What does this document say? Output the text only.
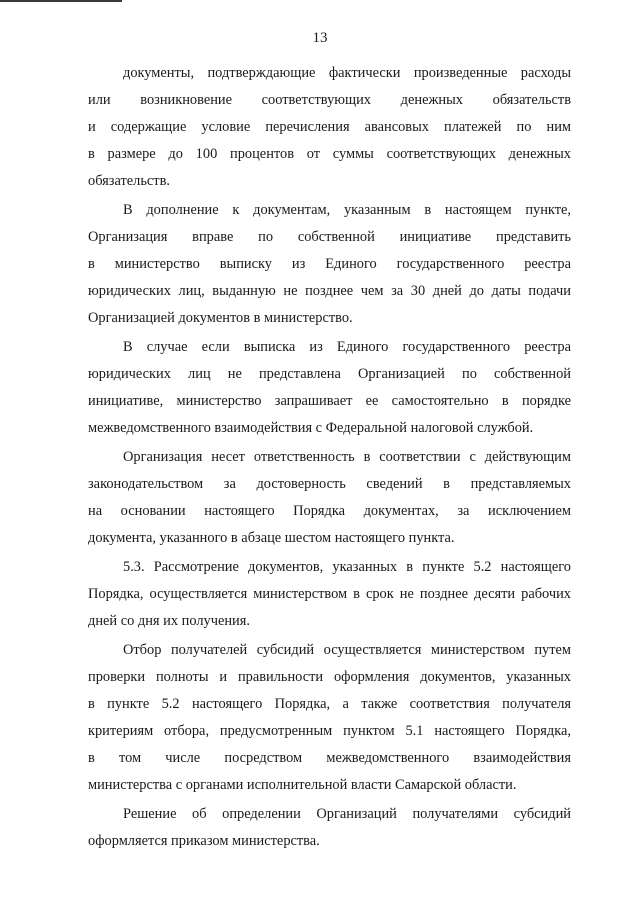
13
документы, подтверждающие фактически произведенные расходы
или возникновение соответствующих денежных обязательств
и содержащие условие перечисления авансовых платежей по ним
в размере до 100 процентов от суммы соответствующих денежных
обязательств.
В дополнение к документам, указанным в настоящем пункте,
Организация вправе по собственной инициативе представить
в министерство выписку из Единого государственного реестра
юридических лиц, выданную не позднее чем за 30 дней до даты подачи
Организацией документов в министерство.
В случае если выписка из Единого государственного реестра
юридических лиц не представлена Организацией по собственной
инициативе, министерство запрашивает ее самостоятельно в порядке
межведомственного взаимодействия с Федеральной налоговой службой.
Организация несет ответственность в соответствии с действующим
законодательством за достоверность сведений в представляемых
на основании настоящего Порядка документах, за исключением
документа, указанного в абзаце шестом настоящего пункта.
5.3. Рассмотрение документов, указанных в пункте 5.2 настоящего
Порядка, осуществляется министерством в срок не позднее десяти рабочих
дней со дня их получения.
Отбор получателей субсидий осуществляется министерством путем
проверки полноты и правильности оформления документов, указанных
в пункте 5.2 настоящего Порядка, а также соответствия получателя
критериям отбора, предусмотренным пунктом 5.1 настоящего Порядка,
в том числе посредством межведомственного взаимодействия
министерства с органами исполнительной власти Самарской области.
Решение об определении Организаций получателями субсидий
оформляется приказом министерства.
